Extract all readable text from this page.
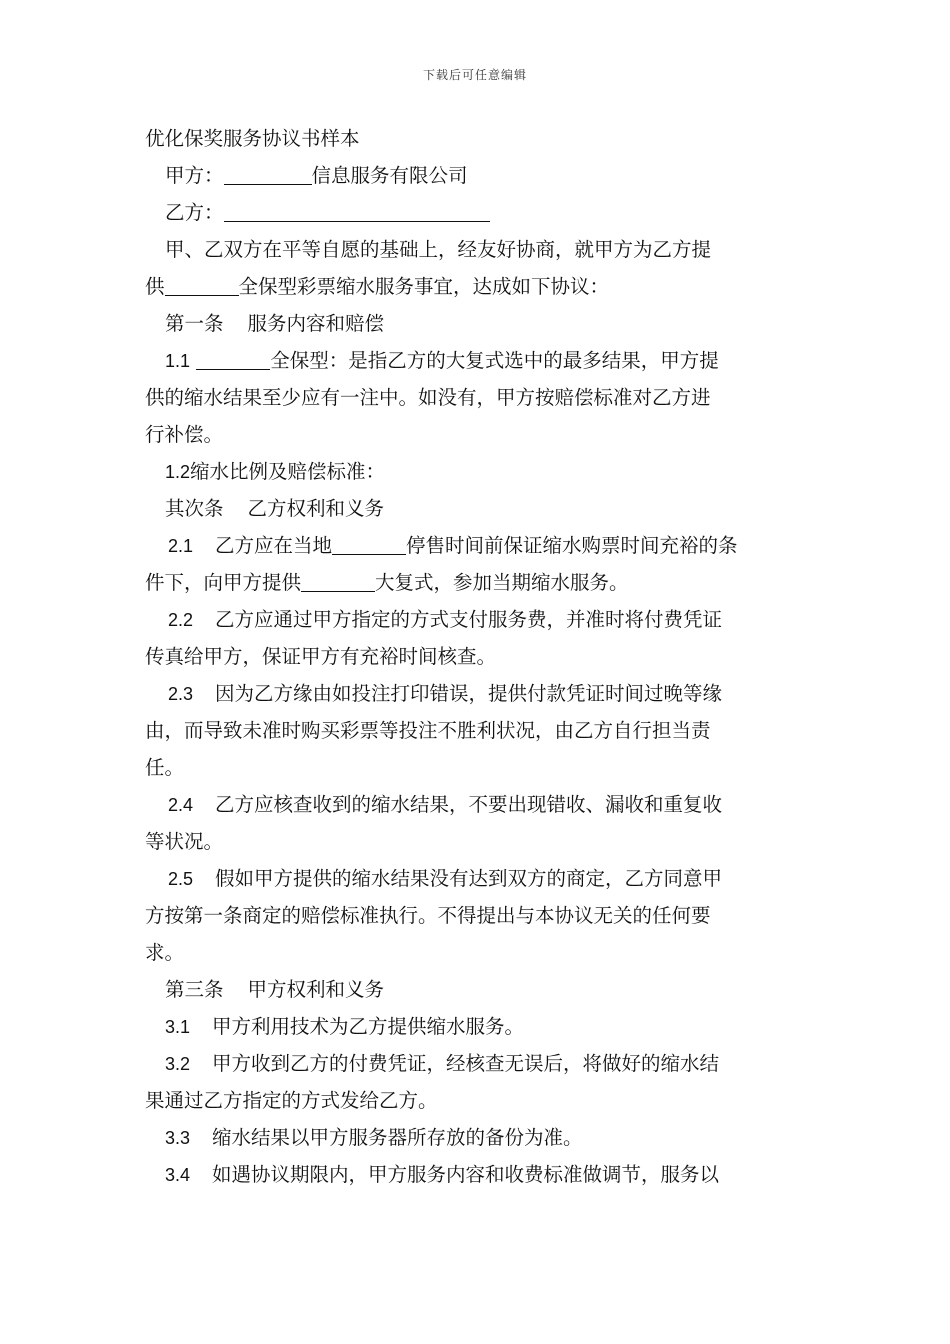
下载后可任意编辑
优化保奖服务协议书样本
甲方：	信息服务有限公司
乙方：
甲、乙双方在平等自愿的基础上，经友好协商，就甲方为乙方提
供	全保型彩票缩水服务事宜，达成如下协议：
第一条 服务内容和赔偿
1.1	全保型：是指乙方的大复式选中的最多结果，甲方提
供的缩水结果至少应有一注中。如没有，甲方按赔偿标准对乙方进
行补偿。
1.2缩水比例及赔偿标准：
其次条 乙方权利和义务
2.1 乙方应在当地	停售时间前保证缩水购票时间充裕的条
件下，向甲方提供	大复式，参加当期缩水服务。
2.2 乙方应通过甲方指定的方式支付服务费，并准时将付费凭证
传真给甲方，保证甲方有充裕时间核查。
2.3 因为乙方缘由如投注打印错误，提供付款凭证时间过晚等缘
由，而导致未准时购买彩票等投注不胜利状况，由乙方自行担当责
任。
2.4 乙方应核查收到的缩水结果，不要出现错收、漏收和重复收
等状况。
2.5 假如甲方提供的缩水结果没有达到双方的商定，乙方同意甲
方按第一条商定的赔偿标准执行。不得提出与本协议无关的任何要
求。
第三条 甲方权利和义务
3.1 甲方利用技术为乙方提供缩水服务。
3.2 甲方收到乙方的付费凭证，经核查无误后，将做好的缩水结
果通过乙方指定的方式发给乙方。
3.3 缩水结果以甲方服务器所存放的备份为准。
3.4 如遇协议期限内，甲方服务内容和收费标准做调节，服务以
